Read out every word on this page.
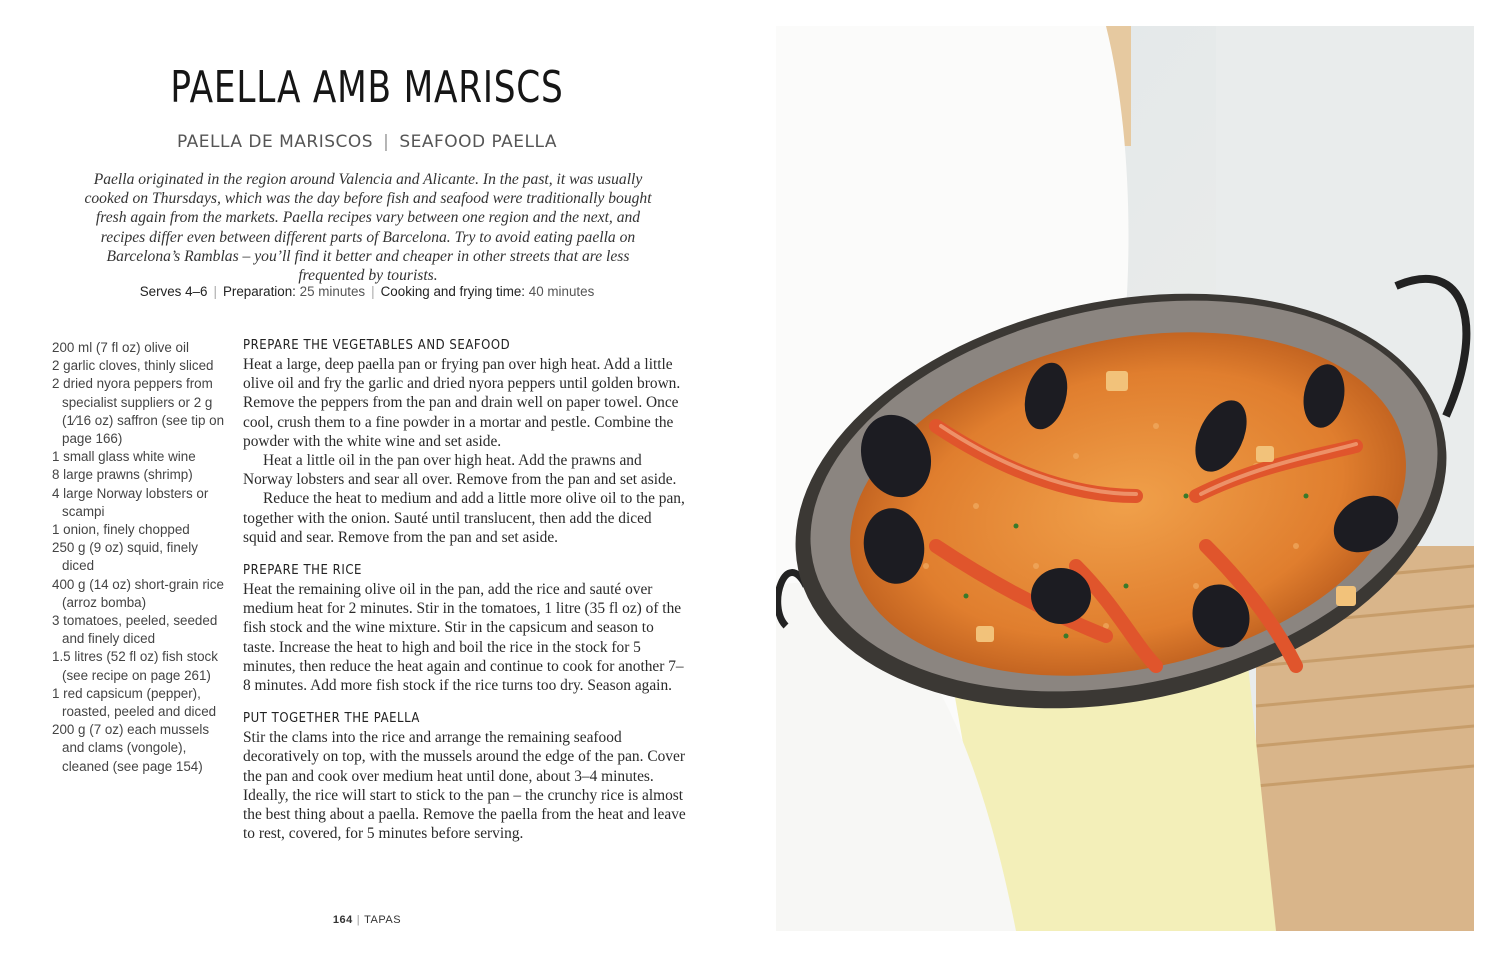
PAELLA AMB MARISCS
PAELLA DE MARISCOS | SEAFOOD PAELLA
Paella originated in the region around Valencia and Alicante. In the past, it was usually cooked on Thursdays, which was the day before fish and seafood were traditionally bought fresh again from the markets. Paella recipes vary between one region and the next, and recipes differ even between different parts of Barcelona. Try to avoid eating paella on Barcelona’s Ramblas – you’ll find it better and cheaper in other streets that are less frequented by tourists.
Serves 4–6 | Preparation: 25 minutes | Cooking and frying time: 40 minutes
200 ml (7 fl oz) olive oil
2 garlic cloves, thinly sliced
2 dried nyora peppers from specialist suppliers or 2 g (1⁄16 oz) saffron (see tip on page 166)
1 small glass white wine
8 large prawns (shrimp)
4 large Norway lobsters or scampi
1 onion, finely chopped
250 g (9 oz) squid, finely diced
400 g (14 oz) short-grain rice (arroz bomba)
3 tomatoes, peeled, seeded and finely diced
1.5 litres (52 fl oz) fish stock (see recipe on page 261)
1 red capsicum (pepper), roasted, peeled and diced
200 g (7 oz) each mussels and clams (vongole), cleaned (see page 154)
PREPARE THE VEGETABLES AND SEAFOOD

Heat a large, deep paella pan or frying pan over high heat. Add a little olive oil and fry the garlic and dried nyora peppers until golden brown. Remove the peppers from the pan and drain well on paper towel. Once cool, crush them to a fine powder in a mortar and pestle. Combine the powder with the white wine and set aside.

Heat a little oil in the pan over high heat. Add the prawns and Norway lobsters and sear all over. Remove from the pan and set aside.

Reduce the heat to medium and add a little more olive oil to the pan, together with the onion. Sauté until translucent, then add the diced squid and sear. Remove from the pan and set aside.

PREPARE THE RICE

Heat the remaining olive oil in the pan, add the rice and sauté over medium heat for 2 minutes. Stir in the tomatoes, 1 litre (35 fl oz) of the fish stock and the wine mixture. Stir in the capsicum and season to taste. Increase the heat to high and boil the rice in the stock for 5 minutes, then reduce the heat again and continue to cook for another 7–8 minutes. Add more fish stock if the rice turns too dry. Season again.

PUT TOGETHER THE PAELLA

Stir the clams into the rice and arrange the remaining seafood decoratively on top, with the mussels around the edge of the pan. Cover the pan and cook over medium heat until done, about 3–4 minutes. Ideally, the rice will start to stick to the pan – the crunchy rice is almost the best thing about a paella. Remove the paella from the heat and leave to rest, covered, for 5 minutes before serving.

164 | TAPAS
